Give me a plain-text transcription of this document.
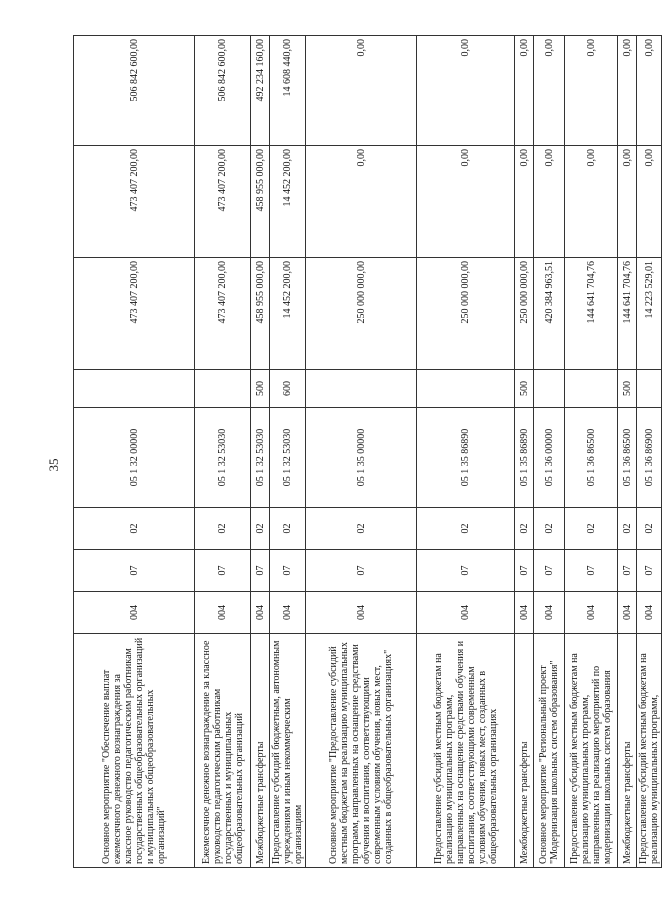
35
Основное мероприятие "Обеспечение выплат ежемесячного денежного вознаграждения за классное руководство педагогическим работникам государственных общеобразовательных организаций и муниципальных общеобразовательных организаций"	004	07	02	05 1 32 00000		473 407 200,00	473 407 200,00	506 842 600,00
Ежемесячное денежное вознаграждение за классное руководство педагогическим работникам государственных и муниципальных общеобразовательных организаций	004	07	02	05 1 32 53030		473 407 200,00	473 407 200,00	506 842 600,00
Межбюджетные трансферты	004	07	02	05 1 32 53030	500	458 955 000,00	458 955 000,00	492 234 160,00
Предоставление субсидий бюджетным, автономным учреждениям и иным некоммерческим организациям	004	07	02	05 1 32 53030	600	14 452 200,00	14 452 200,00	14 608 440,00
Основное мероприятие "Предоставление субсидий местным бюджетам на реализацию муниципальных программ, направленных на оснащение средствами обучения и воспитания, соответствующими современным условиям обучения, новых мест, созданных в общеобразовательных организациях"	004	07	02	05 1 35 00000		250 000 000,00	0,00	0,00
Предоставление субсидий местным бюджетам на реализацию муниципальных программ, направленных на оснащение средствами обучения и воспитания, соответствующими современным условиям обучения, новых мест, созданных в общеобразовательных организациях	004	07	02	05 1 35 86890		250 000 000,00	0,00	0,00
Межбюджетные трансферты	004	07	02	05 1 35 86890	500	250 000 000,00	0,00	0,00
Основное мероприятие "Региональный проект "Модернизация школьных систем образования"	004	07	02	05 1 36 00000		420 384 963,51	0,00	0,00
Предоставление субсидий местным бюджетам на реализацию муниципальных программ, направленных на реализацию мероприятий по модернизации школьных систем образования	004	07	02	05 1 36 86500		144 641 704,76	0,00	0,00
Межбюджетные трансферты	004	07	02	05 1 36 86500	500	144 641 704,76	0,00	0,00
Предоставление субсидий местным бюджетам на реализацию муниципальных программ,	004	07	02	05 1 36 86900		14 223 529,01	0,00	0,00
